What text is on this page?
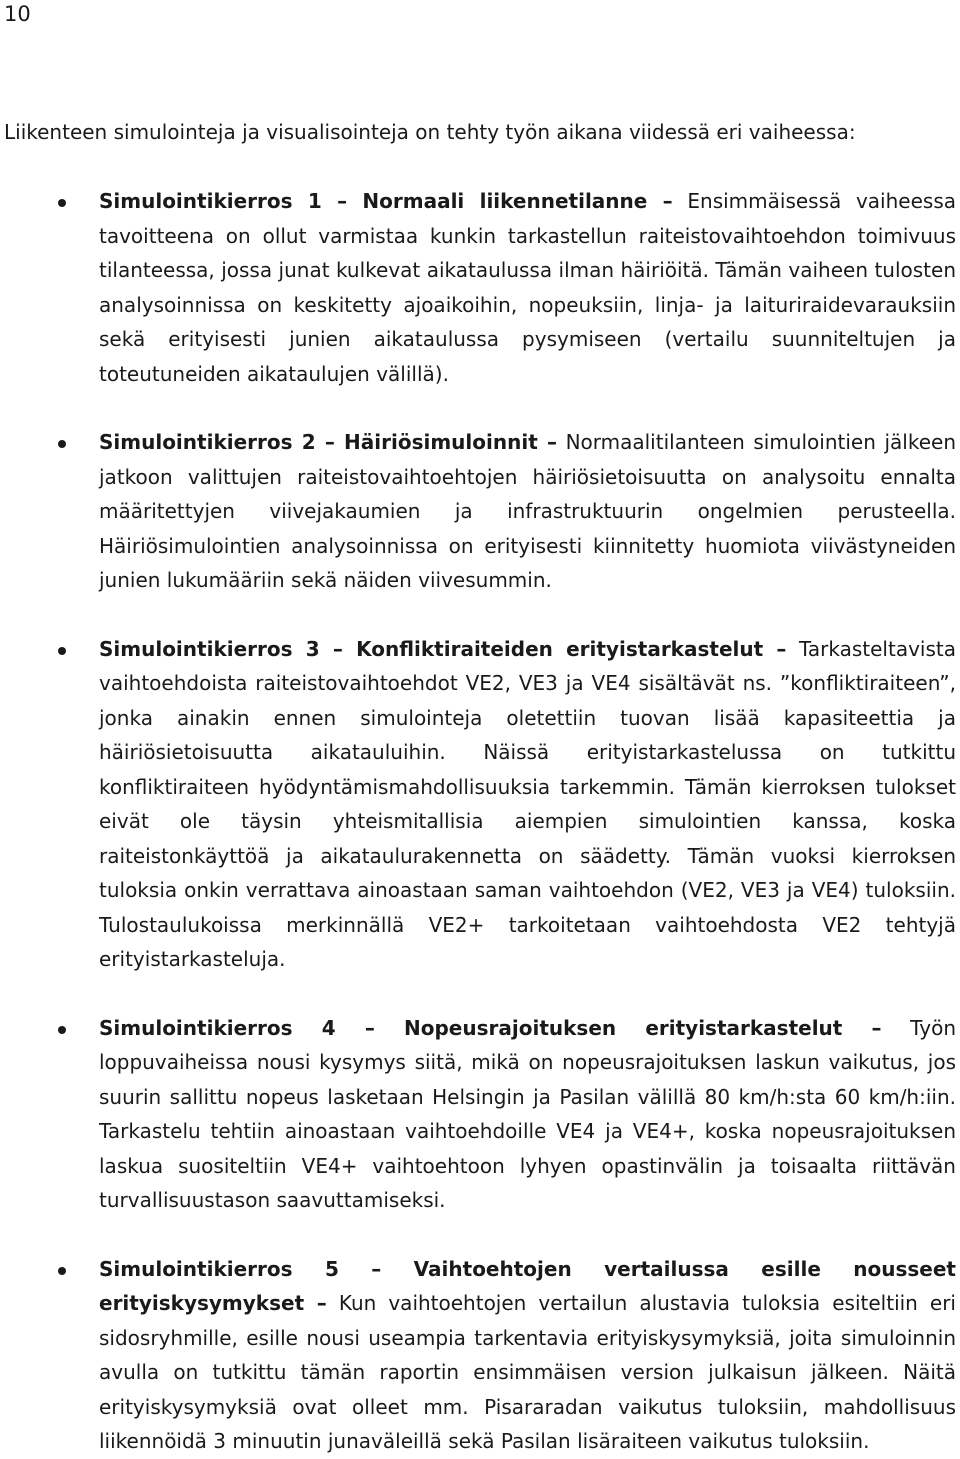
10

Liikenteen simulointeja ja visualisointeja on tehty työn aikana viidessä eri vaiheessa:

Simulointikierros 1 – Normaali liikennetilanne – Ensimmäisessä vaiheessa tavoitteena on ollut varmistaa kunkin tarkastellun raiteistovaihtoehdon toimivuus tilanteessa, jossa junat kulkevat aikataulussa ilman häiriöitä. Tämän vaiheen tulosten analysoinnissa on keskitetty ajoaikoihin, nopeuksiin, linja- ja laituriraidevarauksiin sekä erityisesti junien aikataulussa pysymiseen (vertailu suunniteltujen ja toteutuneiden aikataulujen välillä).
Simulointikierros 2 – Häiriösimuloinnit – Normaalitilanteen simulointien jälkeen jatkoon valittujen raiteistovaihtoehtojen häiriösietoisuutta on analysoitu ennalta määritettyjen viivejakaumien ja infrastruktuurin ongelmien perusteella. Häiriösimulointien analysoinnissa on erityisesti kiinnitetty huomiota viivästyneiden junien lukumääriin sekä näiden viivesummin.
Simulointikierros 3 – Konfliktiraiteiden erityistarkastelut – Tarkasteltavista vaihtoehdoista raiteistovaihtoehdot VE2, VE3 ja VE4 sisältävät ns. ”konfliktiraiteen”, jonka ainakin ennen simulointeja oletettiin tuovan lisää kapasiteettia ja häiriösietoisuutta aikatauluihin. Näissä erityistarkastelussa on tutkittu konfliktiraiteen hyödyntämismahdollisuuksia tarkemmin. Tämän kierroksen tulokset eivät ole täysin yhteismitallisia aiempien simulointien kanssa, koska raiteistonkäyttöä ja aikataulurakennetta on säädetty. Tämän vuoksi kierroksen tuloksia onkin verrattava ainoastaan saman vaihtoehdon (VE2, VE3 ja VE4) tuloksiin. Tulostaulukoissa merkinnällä VE2+ tarkoitetaan vaihtoehdosta VE2 tehtyjä erityistarkasteluja.
Simulointikierros 4 – Nopeusrajoituksen erityistarkastelut – Työn loppuvaiheissa nousi kysymys siitä, mikä on nopeusrajoituksen laskun vaikutus, jos suurin sallittu nopeus lasketaan Helsingin ja Pasilan välillä 80 km/h:sta 60 km/h:iin. Tarkastelu tehtiin ainoastaan vaihtoehdoille VE4 ja VE4+, koska nopeusrajoituksen laskua suositeltiin VE4+ vaihtoehtoon lyhyen opastinvälin ja toisaalta riittävän turvallisuustason saavuttamiseksi.
Simulointikierros 5 – Vaihtoehtojen vertailussa esille nousseet erityiskysymykset – Kun vaihtoehtojen vertailun alustavia tuloksia esiteltiin eri sidosryhmille, esille nousi useampia tarkentavia erityiskysymyksiä, joita simuloinnin avulla on tutkittu tämän raportin ensimmäisen version julkaisun jälkeen. Näitä erityiskysymyksiä ovat olleet mm. Pisararadan vaikutus tuloksiin, mahdollisuus liikennöidä 3 minuutin junaväleillä sekä Pasilan lisäraiteen vaikutus tuloksiin.
